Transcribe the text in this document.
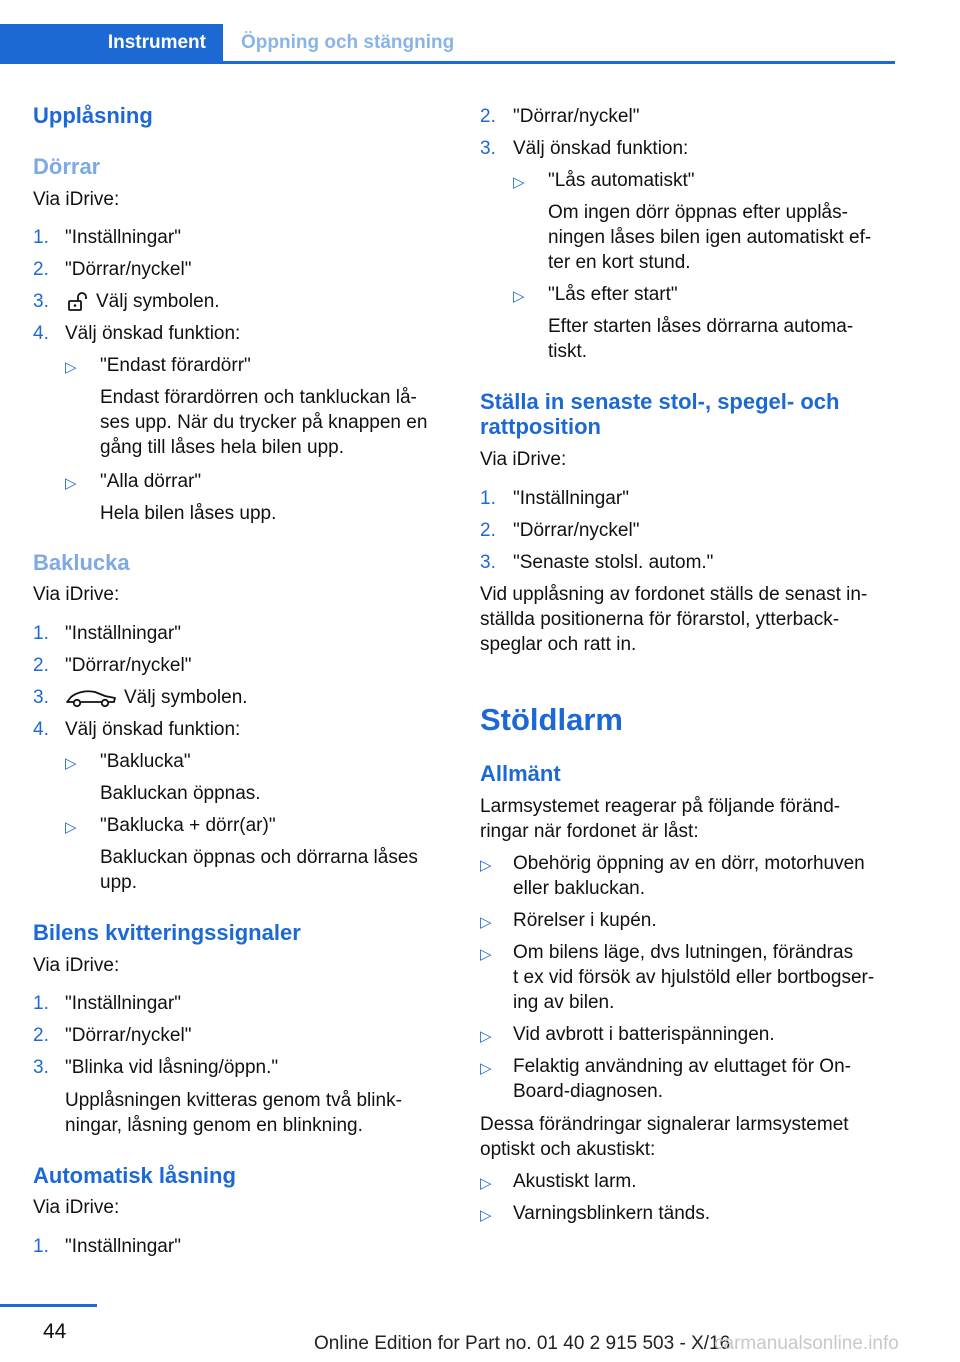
Instrument	Öppning och stängning
Upplåsning
Dörrar
Via iDrive:
1. "Inställningar"
2. "Dörrar/nyckel"
3. Välj symbolen.
4. Välj önskad funktion:
▷ "Endast förardörr"
Endast förardörren och tankluckan lå-
ses upp. När du trycker på knappen en
gång till låses hela bilen upp.
▷ "Alla dörrar"
Hela bilen låses upp.
Baklucka
Via iDrive:
1. "Inställningar"
2. "Dörrar/nyckel"
3.	Välj symbolen.
4. Välj önskad funktion:
▷ "Baklucka"
Bakluckan öppnas.
▷ "Baklucka + dörr(ar)"
Bakluckan öppnas och dörrarna låses
upp.
Bilens kvitteringssignaler
Via iDrive:
1. "Inställningar"
2. "Dörrar/nyckel"
3. "Blinka vid låsning/öppn."
Upplåsningen kvitteras genom två blink-
ningar, låsning genom en blinkning.
Automatisk låsning
Via iDrive:
1. "Inställningar"
2. "Dörrar/nyckel"
3. Välj önskad funktion:
▷ "Lås automatiskt"
Om ingen dörr öppnas efter upplås-
ningen låses bilen igen automatiskt ef-
ter en kort stund.
▷ "Lås efter start"
Efter starten låses dörrarna automa-
tiskt.
Ställa in senaste stol-, spegel- och
rattposition
Via iDrive:
1. "Inställningar"
2. "Dörrar/nyckel"
3. "Senaste stolsl. autom."
Vid upplåsning av fordonet ställs de senast in-
ställda positionerna för förarstol, ytterback-
speglar och ratt in.
Stöldlarm
Allmänt
Larmsystemet reagerar på följande föränd-
ringar när fordonet är låst:
▷ Obehörig öppning av en dörr, motorhuven
eller bakluckan.
▷ Rörelser i kupén.
▷ Om bilens läge, dvs lutningen, förändras
t ex vid försök av hjulstöld eller bortbogser-
ing av bilen.
▷ Vid avbrott i batterispänningen.
▷ Felaktig användning av eluttaget för On-
Board-diagnosen.
Dessa förändringar signalerar larmsystemet
optiskt och akustiskt:
▷ Akustiskt larm.
▷ Varningsblinkern tänds.
44
Online Edition for Part no. 01 40 2 915 503 - X/16
carmanualsonline.info
